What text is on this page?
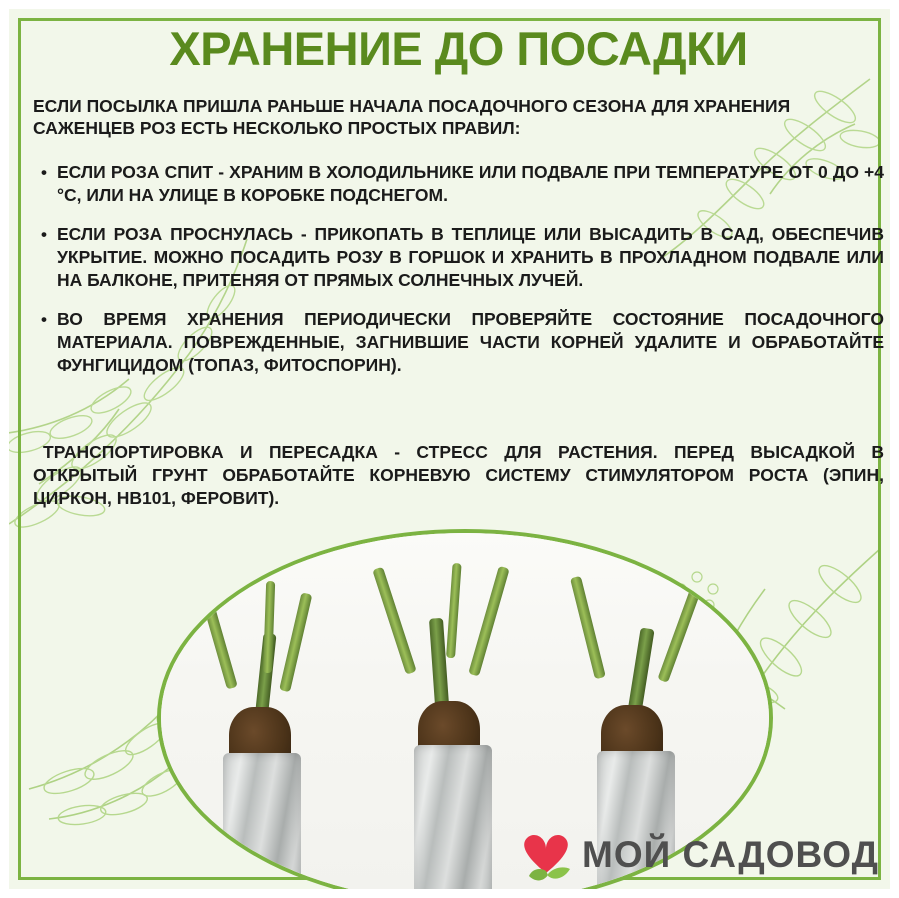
ХРАНЕНИЕ ДО ПОСАДКИ
ЕСЛИ ПОСЫЛКА ПРИШЛА РАНЬШЕ НАЧАЛА ПОСАДОЧНОГО СЕЗОНА ДЛЯ ХРАНЕНИЯ САЖЕНЦЕВ РОЗ ЕСТЬ НЕСКОЛЬКО ПРОСТЫХ ПРАВИЛ:
• ЕСЛИ РОЗА СПИТ - ХРАНИМ В ХОЛОДИЛЬНИКЕ ИЛИ ПОДВАЛЕ ПРИ ТЕМПЕРАТУРЕ ОТ 0 ДО +4 °С, ИЛИ НА УЛИЦЕ В КОРОБКЕ ПОДСНЕГОМ.
• ЕСЛИ РОЗА ПРОСНУЛАСЬ - ПРИКОПАТЬ В ТЕПЛИЦЕ ИЛИ ВЫСАДИТЬ В САД, ОБЕСПЕЧИВ УКРЫТИЕ. МОЖНО ПОСАДИТЬ РОЗУ В ГОРШОК И ХРАНИТЬ В ПРОХЛАДНОМ ПОДВАЛЕ ИЛИ НА БАЛКОНЕ, ПРИТЕНЯЯ ОТ ПРЯМЫХ СОЛНЕЧНЫХ ЛУЧЕЙ.
• ВО ВРЕМЯ ХРАНЕНИЯ ПЕРИОДИЧЕСКИ ПРОВЕРЯЙТЕ СОСТОЯНИЕ ПОСАДОЧНОГО МАТЕРИАЛА. ПОВРЕЖДЕННЫЕ, ЗАГНИВШИЕ ЧАСТИ КОРНЕЙ УДАЛИТЕ И ОБРАБОТАЙТЕ ФУНГИЦИДОМ (ТОПАЗ, ФИТОСПОРИН).
ТРАНСПОРТИРОВКА И ПЕРЕСАДКА - СТРЕСС ДЛЯ РАСТЕНИЯ. ПЕРЕД ВЫСАДКОЙ В ОТКРЫТЫЙ ГРУНТ ОБРАБОТАЙТЕ КОРНЕВУЮ СИСТЕМУ СТИМУЛЯТОРОМ РОСТА (ЭПИН, ЦИРКОН, НВ101, ФЕРОВИТ).
МОЙ САДОВОД
